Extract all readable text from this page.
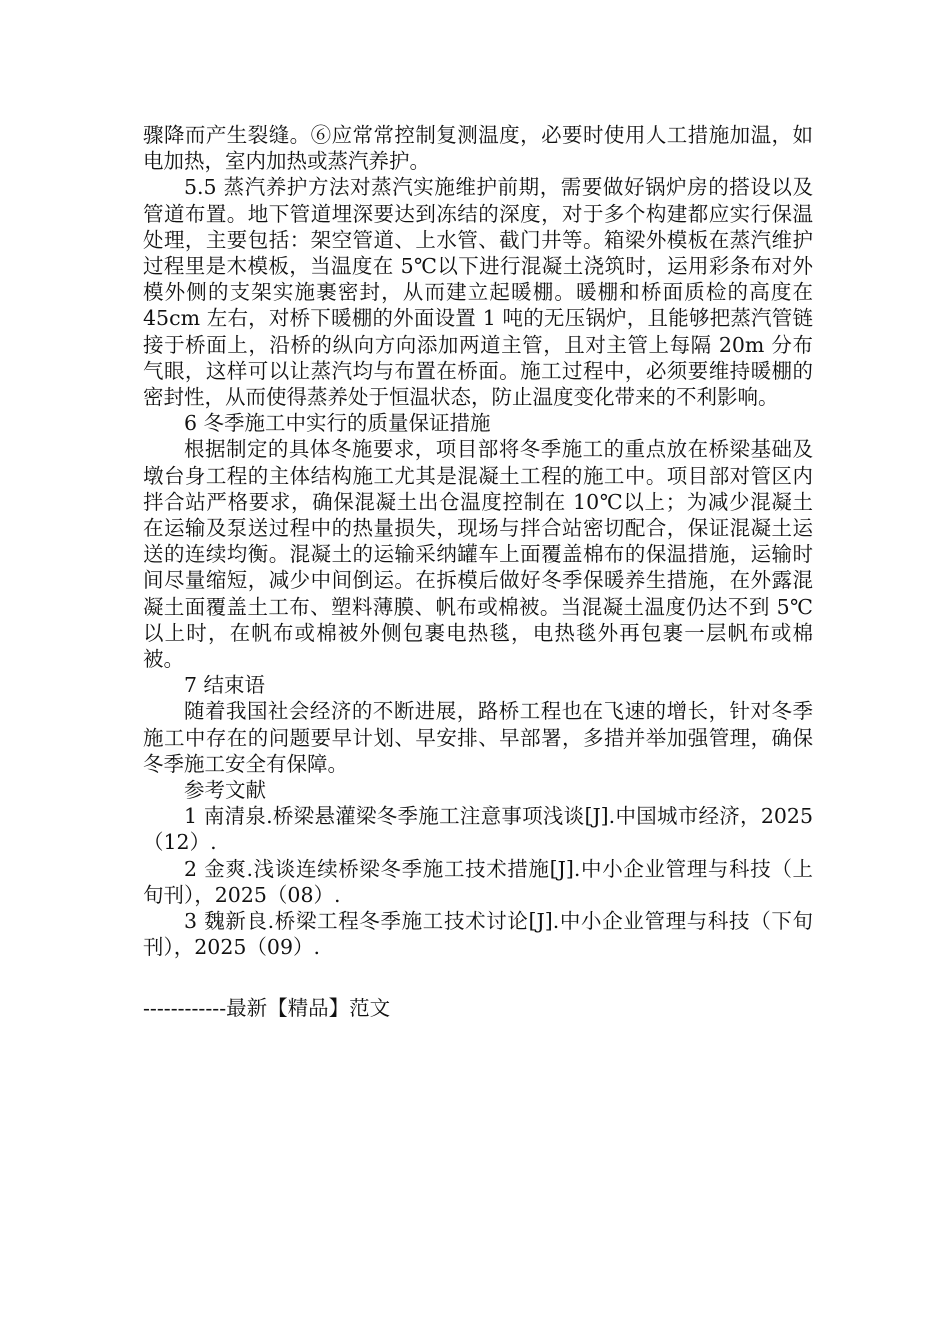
骤降而产生裂缝。⑥应常常控制复测温度，必要时使用人工措施加温，如电加热，室内加热或蒸汽养护。

5.5 蒸汽养护方法对蒸汽实施维护前期，需要做好锅炉房的搭设以及管道布置。地下管道埋深要达到冻结的深度，对于多个构建都应实行保温处理，主要包括：架空管道、上水管、截门井等。箱梁外模板在蒸汽维护过程里是木模板，当温度在 5℃以下进行混凝土浇筑时，运用彩条布对外模外侧的支架实施裹密封，从而建立起暖棚。暖棚和桥面质检的高度在 45cm 左右，对桥下暖棚的外面设置 1 吨的无压锅炉，且能够把蒸汽管链接于桥面上，沿桥的纵向方向添加两道主管，且对主管上每隔 20m 分布气眼，这样可以让蒸汽均与布置在桥面。施工过程中，必须要维持暖棚的密封性，从而使得蒸养处于恒温状态，防止温度变化带来的不利影响。

6 冬季施工中实行的质量保证措施

根据制定的具体冬施要求，项目部将冬季施工的重点放在桥梁基础及墩台身工程的主体结构施工尤其是混凝土工程的施工中。项目部对管区内拌合站严格要求，确保混凝土出仓温度控制在 10℃以上；为减少混凝土在运输及泵送过程中的热量损失，现场与拌合站密切配合，保证混凝土运送的连续均衡。混凝土的运输采纳罐车上面覆盖棉布的保温措施，运输时间尽量缩短，减少中间倒运。在拆模后做好冬季保暖养生措施，在外露混凝土面覆盖土工布、塑料薄膜、帆布或棉被。当混凝土温度仍达不到 5℃以上时，在帆布或棉被外侧包裹电热毯，电热毯外再包裹一层帆布或棉被。

7 结束语

随着我国社会经济的不断进展，路桥工程也在飞速的增长，针对冬季施工中存在的问题要早计划、早安排、早部署，多措并举加强管理，确保冬季施工安全有保障。

参考文献

1 南清泉.桥梁悬灌梁冬季施工注意事项浅谈[J].中国城市经济，2025（12）.

2 金爽.浅谈连续桥梁冬季施工技术措施[J].中小企业管理与科技（上旬刊），2025（08）.

3 魏新良.桥梁工程冬季施工技术讨论[J].中小企业管理与科技（下旬刊），2025（09）.

------------最新【精品】范文
